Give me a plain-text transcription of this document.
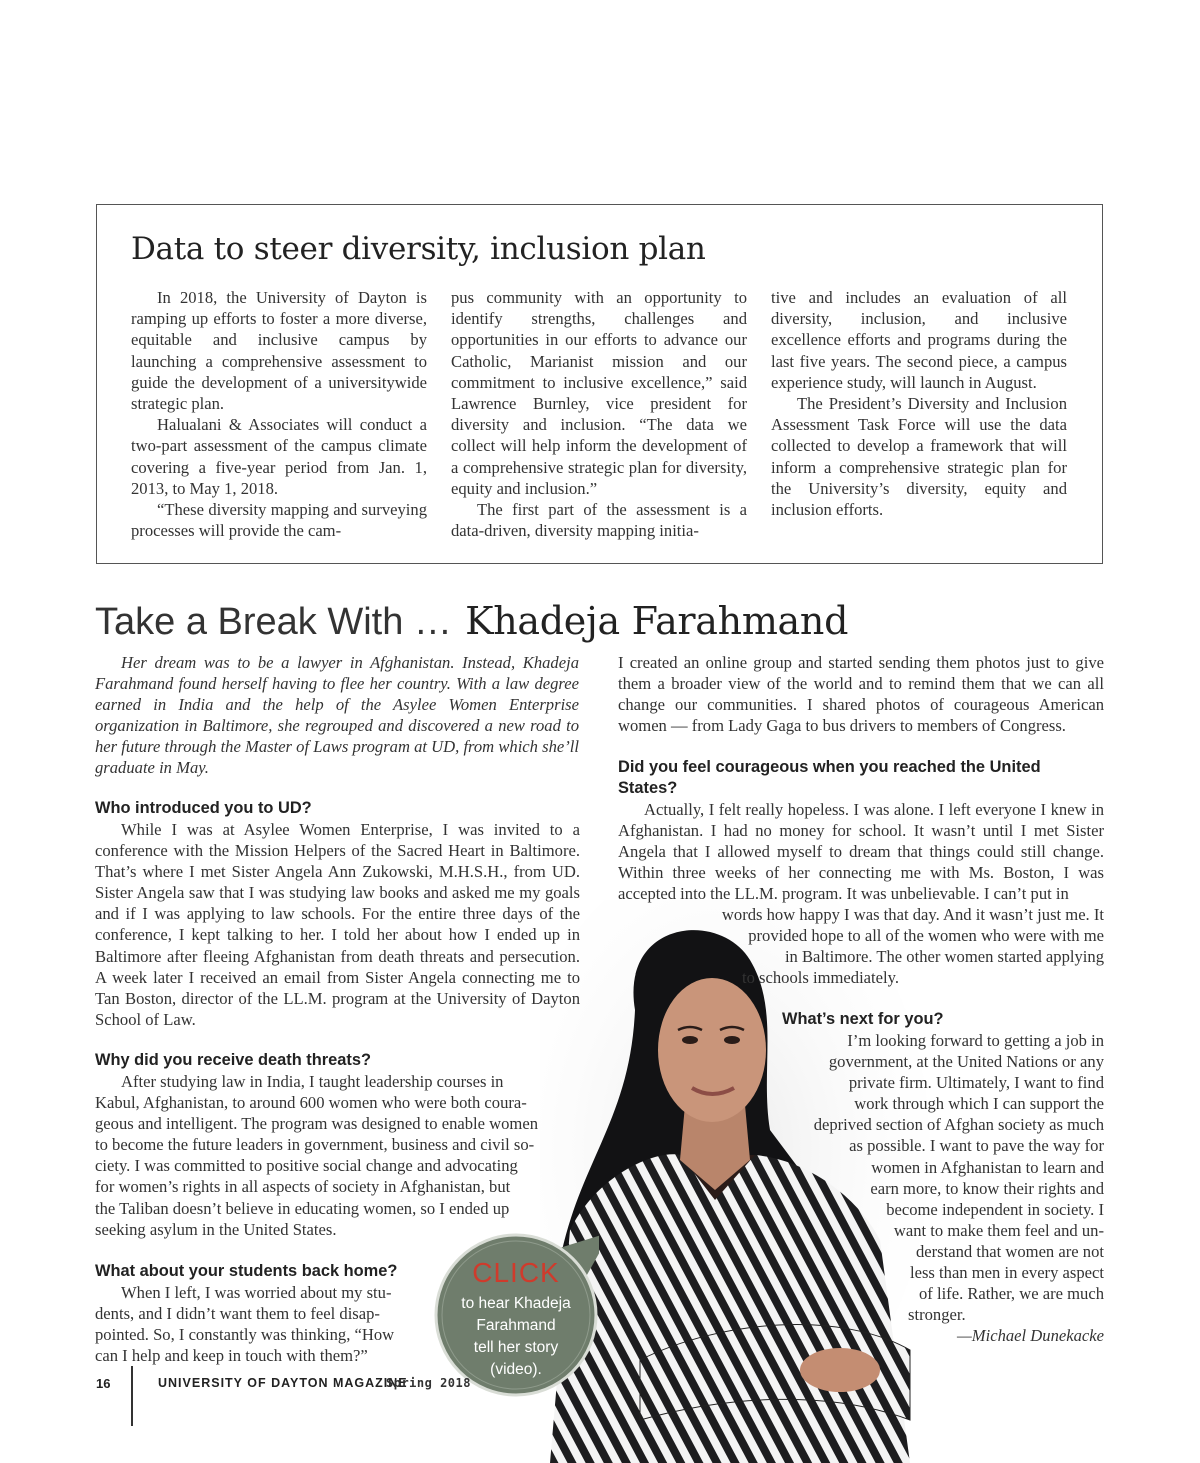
Data to steer diversity, inclusion plan

In 2018, the University of Dayton is ramping up efforts to foster a more diverse, equitable and inclusive campus by launching a comprehensive assessment to guide the development of a universitywide strategic plan.

Halualani & Associates will conduct a two-part assessment of the campus climate covering a five-year period from Jan. 1, 2013, to May 1, 2018.

“These diversity mapping and surveying processes will provide the cam-

pus community with an opportunity to identify strengths, challenges and opportunities in our efforts to advance our Catholic, Marianist mission and our commitment to inclusive excellence,” said Lawrence Burnley, vice president for diversity and inclusion. “The data we collect will help inform the development of a comprehensive strategic plan for diversity, equity and inclusion.”

The first part of the assessment is a data-driven, diversity mapping initia-

tive and includes an evaluation of all diversity, inclusion, and inclusive excellence efforts and programs during the last five years. The second piece, a campus experience study, will launch in August.

The President’s Diversity and Inclusion Assessment Task Force will use the data collected to develop a framework that will inform a comprehensive strategic plan for the University’s diversity, equity and inclusion efforts.

Take a Break With … Khadeja Farahmand

Her dream was to be a lawyer in Afghanistan. Instead, Khadeja Farahmand found herself having to flee her country. With a law degree earned in India and the help of the Asylee Women Enterprise organization in Baltimore, she regrouped and discovered a new road to her future through the Master of Laws program at UD, from which she’ll graduate in May.

Who introduced you to UD?

While I was at Asylee Women Enterprise, I was invited to a conference with the Mission Helpers of the Sacred Heart in Baltimore. That’s where I met Sister Angela Ann Zukowski, M.H.S.H., from UD. Sister Angela saw that I was studying law books and asked me my goals and if I was applying to law schools. For the entire three days of the conference, I kept talking to her. I told her about how I ended up in Baltimore after fleeing Afghanistan from death threats and persecution. A week later I received an email from Sister Angela connecting me to Tan Boston, director of the LL.M. program at the University of Dayton School of Law.

Why did you receive death threats?

After studying law in India, I taught leadership courses in
Kabul, Afghanistan, to around 600 women who were both coura-
geous and intelligent. The program was designed to enable women
to become the future leaders in government, business and civil so-
ciety. I was committed to positive social change and advocating
for women’s rights in all aspects of society in Afghanistan, but
the Taliban doesn’t believe in educating women, so I ended up
seeking asylum in the United States.

What about your students back home?

When I left, I was worried about my stu-
dents, and I didn’t want them to feel disap-
pointed. So, I constantly was thinking, “How
can I help and keep in touch with them?”

I created an online group and started sending them photos just to give them a broader view of the world and to remind them that we can all change our communities. I shared photos of courageous American women — from Lady Gaga to bus drivers to members of Congress.

Did you feel courageous when you reached the United States?

Actually, I felt really hopeless. I was alone. I left everyone I knew in Afghanistan. I had no money for school. It wasn’t until I met Sister Angela that I allowed myself to dream that things could still change. Within three weeks of her connecting me with Ms. Boston, I was accepted into the LL.M. program. It was unbelievable. I can’t put in

words how happy I was that day. And it wasn’t just me. It
provided hope to all of the women who were with me
in Baltimore. The other women started applying
to schools immediately.

What’s next for you?

I’m looking forward to getting a job in
government, at the United Nations or any
private firm. Ultimately, I want to find
work through which I can support the
deprived section of Afghan society as much
as possible. I want to pave the way for
women in Afghanistan to learn and
earn more, to know their rights and
become independent in society. I
want to make them feel and un-
derstand that women are not
less than men in every aspect
of life. Rather, we are much
stronger.
—Michael Dunekacke
CLICK
to hear Khadeja
Farahmand
tell her story
(video).
16	UNIVERSITY OF DAYTON MAGAZINE
Spring 2018
